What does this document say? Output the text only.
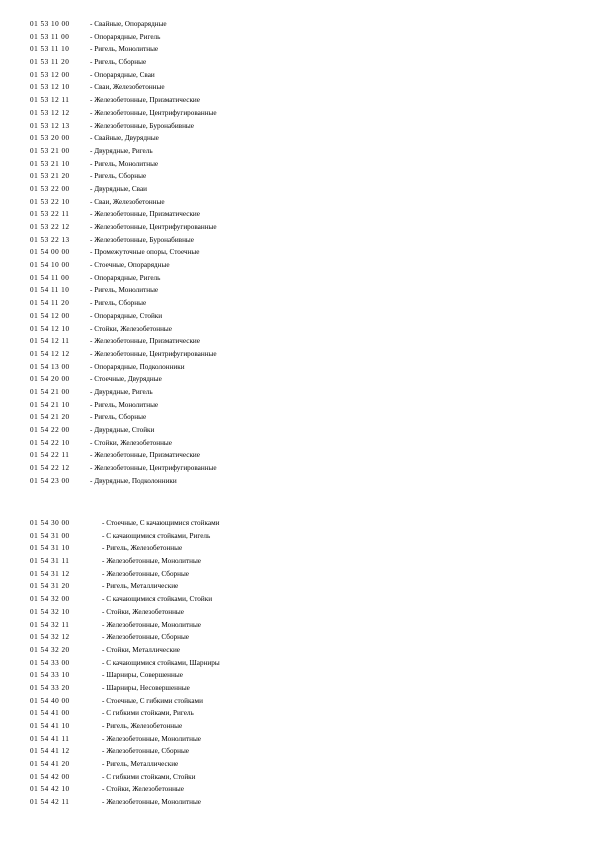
01 53 10 00	- Свайные, Опорарядные
01 53 11 00	- Опорарядные, Ригель
01 53 11 10	- Ригель, Монолитные
01 53 11 20	- Ригель, Сборные
01 53 12 00	- Опорарядные, Сваи
01 53 12 10	- Сваи, Железобетонные
01 53 12 11	- Железобетонные, Призматические
01 53 12 12	- Железобетонные, Центрифугированные
01 53 12 13	- Железобетонные, Буронабивные
01 53 20 00	- Свайные, Двурядные
01 53 21 00	- Двурядные, Ригель
01 53 21 10	- Ригель, Монолитные
01 53 21 20	- Ригель, Сборные
01 53 22 00	- Двурядные, Сваи
01 53 22 10	- Сваи, Железобетонные
01 53 22 11	- Железобетонные, Призматические
01 53 22 12	- Железобетонные, Центрифугированные
01 53 22 13	- Железобетонные, Буронабивные
01 54 00 00	- Промежуточные опоры, Стоечные
01 54 10 00	- Стоечные, Опорарядные
01 54 11 00	- Опорарядные, Ригель
01 54 11 10	- Ригель, Монолитные
01 54 11 20	- Ригель, Сборные
01 54 12 00	- Опорарядные, Стойки
01 54 12 10	- Стойки, Железобетонные
01 54 12 11	- Железобетонные, Призматические
01 54 12 12	- Железобетонные, Центрифугированные
01 54 13 00	- Опорарядные, Подколонники
01 54 20 00	- Стоечные, Двурядные
01 54 21 00	- Двурядные, Ригель
01 54 21 10	- Ригель, Монолитные
01 54 21 20	- Ригель, Сборные
01 54 22 00	- Двурядные, Стойки
01 54 22 10	- Стойки, Железобетонные
01 54 22 11	- Железобетонные, Призматические
01 54 22 12	- Железобетонные, Центрифугированные
01 54 23 00	- Двурядные, Подколонники
01 54 30 00	- Стоечные, С качающимися стойками
01 54 31 00	- С качающимися стойками, Ригель
01 54 31 10	- Ригель, Железобетонные
01 54 31 11	- Железобетонные, Монолитные
01 54 31 12	- Железобетонные, Сборные
01 54 31 20	- Ригель, Металлические
01 54 32 00	- С качающимися стойками, Стойки
01 54 32 10	- Стойки, Железобетонные
01 54 32 11	- Железобетонные, Монолитные
01 54 32 12	- Железобетонные, Сборные
01 54 32 20	- Стойки, Металлические
01 54 33 00	- С качающимися стойками, Шарниры
01 54 33 10	- Шарниры, Совершенные
01 54 33 20	- Шарниры, Несовершенные
01 54 40 00	- Стоечные, С гибкими стойками
01 54 41 00	- С гибкими стойками, Ригель
01 54 41 10	- Ригель, Железобетонные
01 54 41 11	- Железобетонные, Монолитные
01 54 41 12	- Железобетонные, Сборные
01 54 41 20	- Ригель, Металлические
01 54 42 00	- С гибкими стойками, Стойки
01 54 42 10	- Стойки, Железобетонные
01 54 42 11	- Железобетонные, Монолитные
